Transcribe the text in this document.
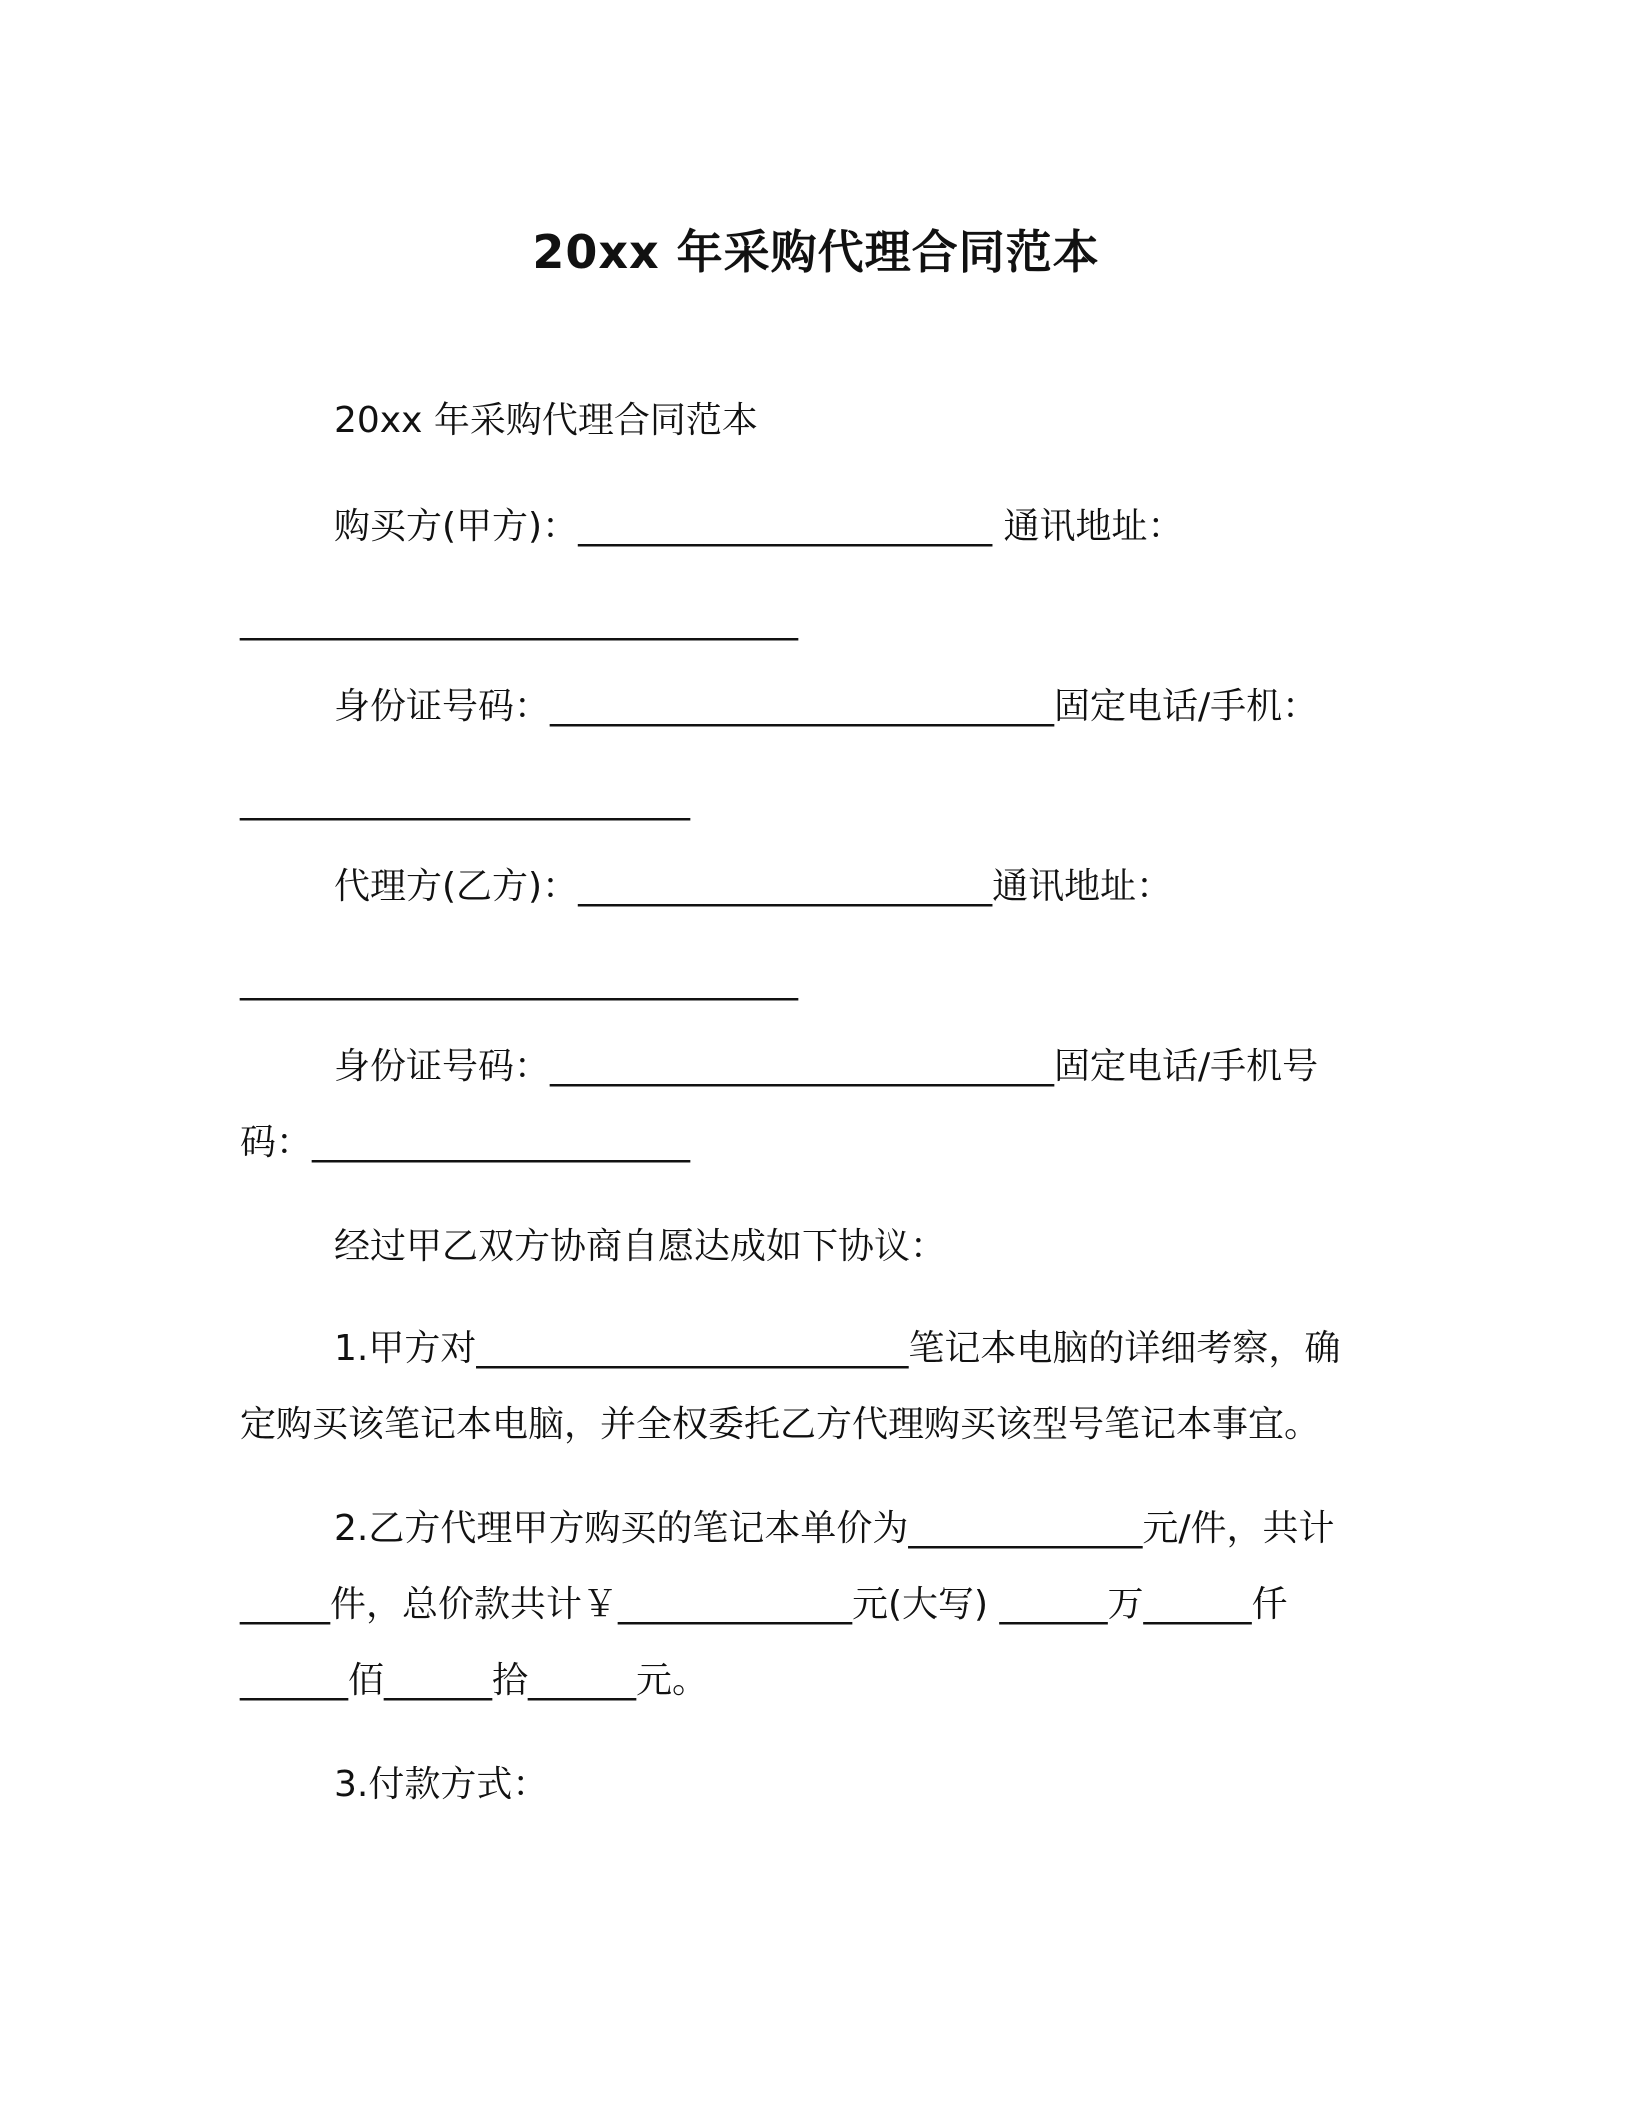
20xx 年采购代理合同范本
20xx 年采购代理合同范本
购买方(甲方)：_______________________ 通讯地址：
_______________________________
身份证号码：____________________________固定电话/手机：
_________________________
代理方(乙方)：_______________________通讯地址：
_______________________________
身份证号码：____________________________固定电话/手机号
码：_____________________
经过甲乙双方协商自愿达成如下协议：
1.甲方对________________________笔记本电脑的详细考察，确
定购买该笔记本电脑，并全权委托乙方代理购买该型号笔记本事宜。
2.乙方代理甲方购买的笔记本单价为_____________元/件，共计
_____件，总价款共计￥_____________元(大写) ______万______仟
______佰______拾______元。
3.付款方式：
